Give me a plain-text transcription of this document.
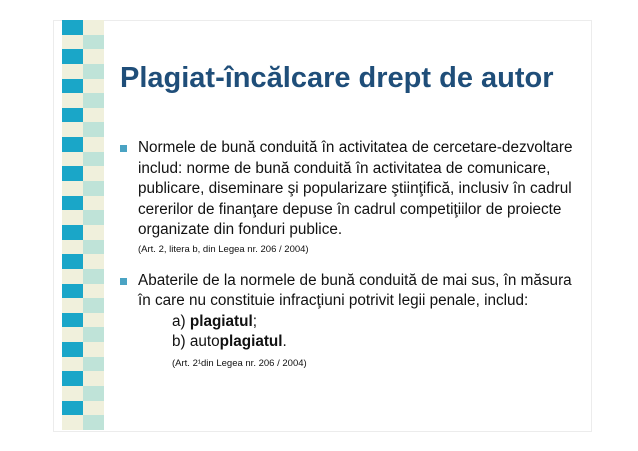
Plagiat-încălcare drept de autor
Normele de bună conduită în activitatea de cercetare-dezvoltare includ: norme de bună conduită în activitatea de comunicare, publicare, diseminare şi popularizare ştiinţifică, inclusiv în cadrul cererilor de finanţare depuse în cadrul competiţiilor de proiecte organizate din fonduri publice.
(Art. 2, litera b, din Legea nr. 206 / 2004)
Abaterile de la normele de bună conduită de mai sus, în măsura în care nu constituie infracţiuni potrivit legii penale, includ:
a) plagiatul;
b) autoplagiatul.
(Art. 2¹din Legea nr. 206 / 2004)
